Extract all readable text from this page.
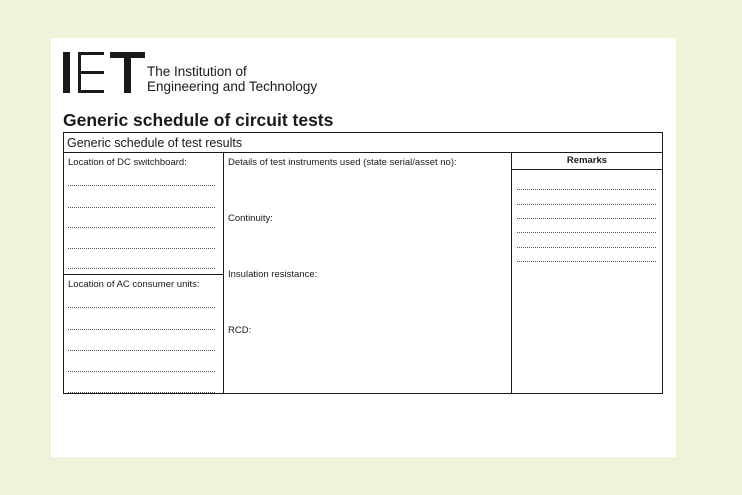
The Institution of
Engineering and Technology
Generic schedule of circuit tests
Generic schedule of test results
Location of DC switchboard:
Location of AC consumer units:
Details of test instruments used (state serial/asset no):
Continuity:
Insulation resistance:
RCD:
Remarks
